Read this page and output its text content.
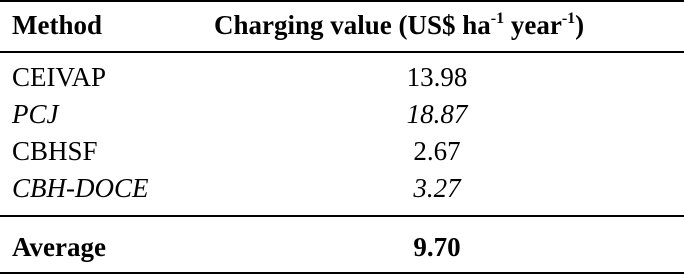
Method	Charging value (US$ $ha^{-1}$ year$^{-1}$)
CEIVAP	13.98
PCJ	18.87
CBHSF	2.67
CBH-DOCE	3.27
Average	9.70
